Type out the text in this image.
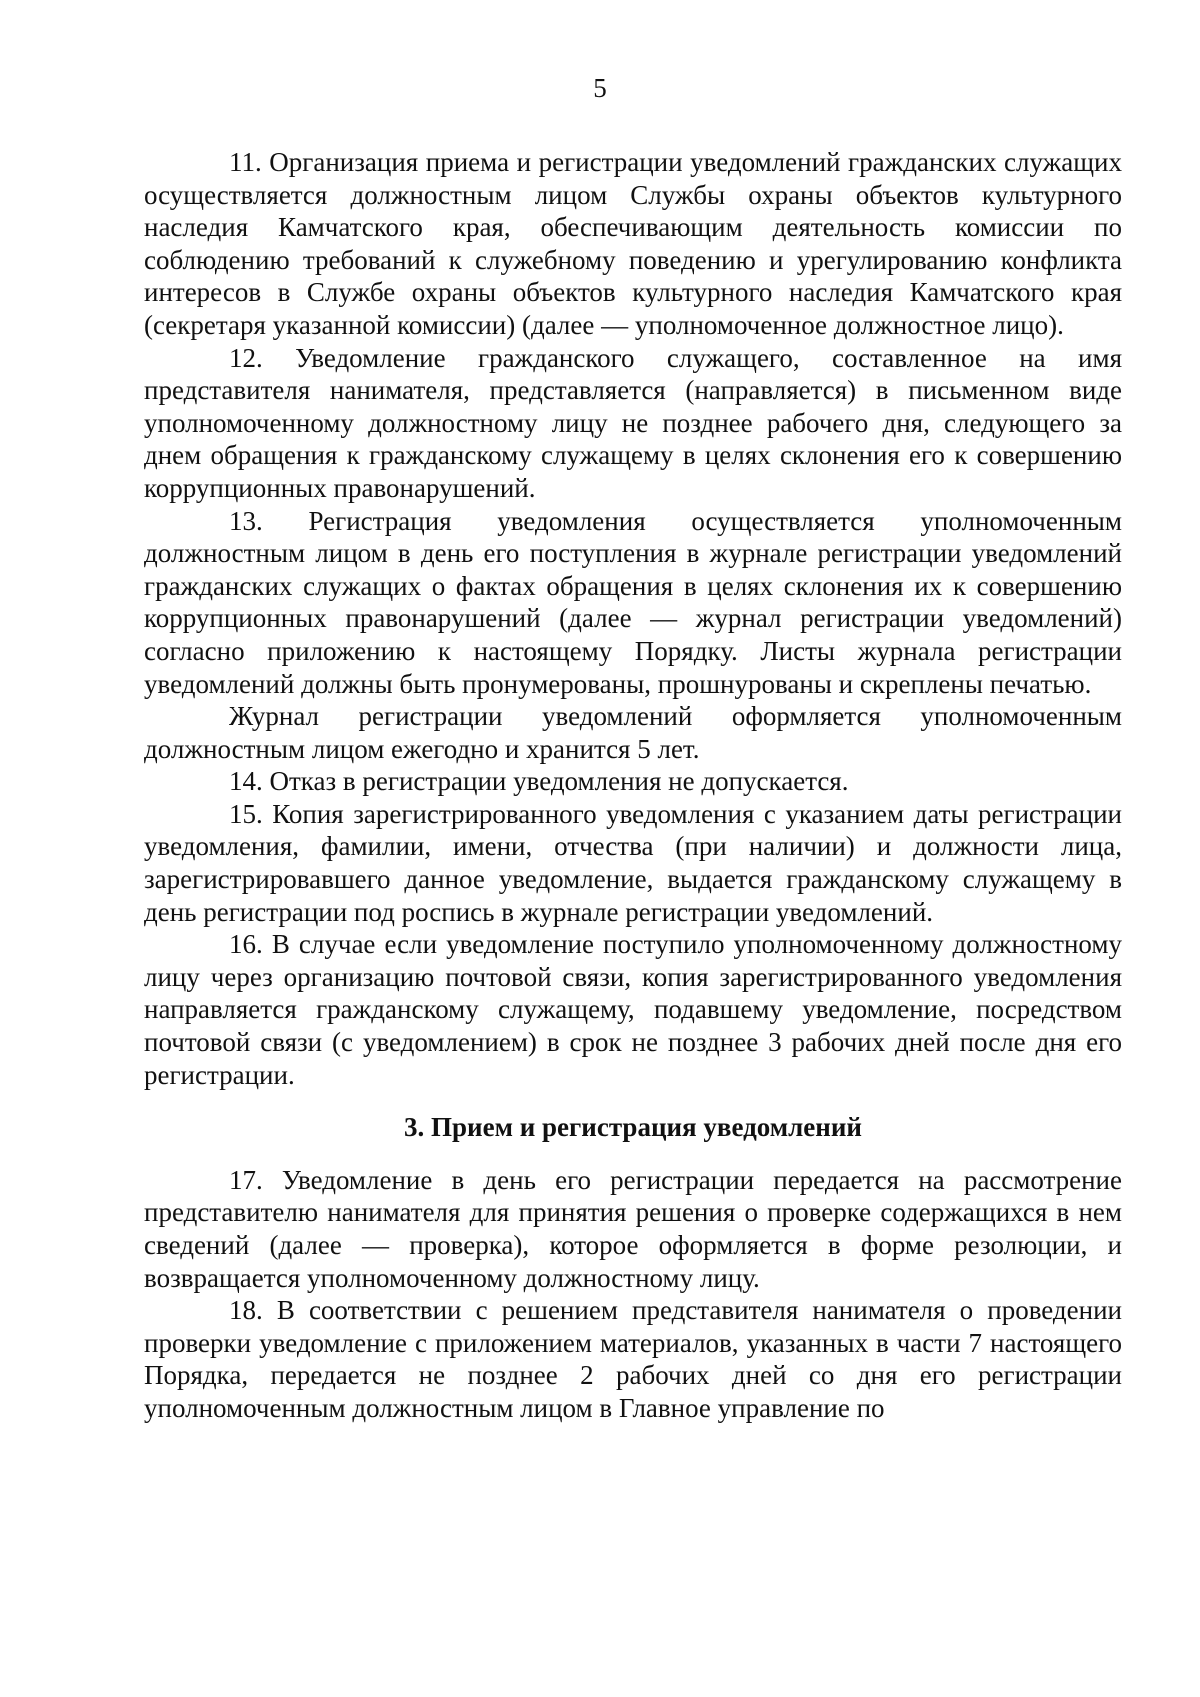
5

11. Организация приема и регистрации уведомлений гражданских служащих осуществляется должностным лицом Службы охраны объектов культурного наследия Камчатского края, обеспечивающим деятельность комиссии по соблюдению требований к служебному поведению и урегулированию конфликта интересов в Службе охраны объектов культурного наследия Камчатского края (секретаря указанной комиссии) (далее — уполномоченное должностное лицо).

12. Уведомление гражданского служащего, составленное на имя представителя нанимателя, представляется (направляется) в письменном виде уполномоченному должностному лицу не позднее рабочего дня, следующего за днем обращения к гражданскому служащему в целях склонения его к совершению коррупционных правонарушений.

13. Регистрация уведомления осуществляется уполномоченным должностным лицом в день его поступления в журнале регистрации уведомлений гражданских служащих о фактах обращения в целях склонения их к совершению коррупционных правонарушений (далее — журнал регистрации уведомлений) согласно приложению к настоящему Порядку. Листы журнала регистрации уведомлений должны быть пронумерованы, прошнурованы и скреплены печатью.

Журнал регистрации уведомлений оформляется уполномоченным должностным лицом ежегодно и хранится 5 лет.

14. Отказ в регистрации уведомления не допускается.

15. Копия зарегистрированного уведомления с указанием даты регистрации уведомления, фамилии, имени, отчества (при наличии) и должности лица, зарегистрировавшего данное уведомление, выдается гражданскому служащему в день регистрации под роспись в журнале регистрации уведомлений.

16. В случае если уведомление поступило уполномоченному должностному лицу через организацию почтовой связи, копия зарегистрированного уведомления направляется гражданскому служащему, подавшему уведомление, посредством почтовой связи (с уведомлением) в срок не позднее 3 рабочих дней после дня его регистрации.

3. Прием и регистрация уведомлений

17. Уведомление в день его регистрации передается на рассмотрение представителю нанимателя для принятия решения о проверке содержащихся в нем сведений (далее — проверка), которое оформляется в форме резолюции, и возвращается уполномоченному должностному лицу.

18. В соответствии с решением представителя нанимателя о проведении проверки уведомление с приложением материалов, указанных в части 7 настоящего Порядка, передается не позднее 2 рабочих дней со дня его регистрации уполномоченным должностным лицом в Главное управление по
